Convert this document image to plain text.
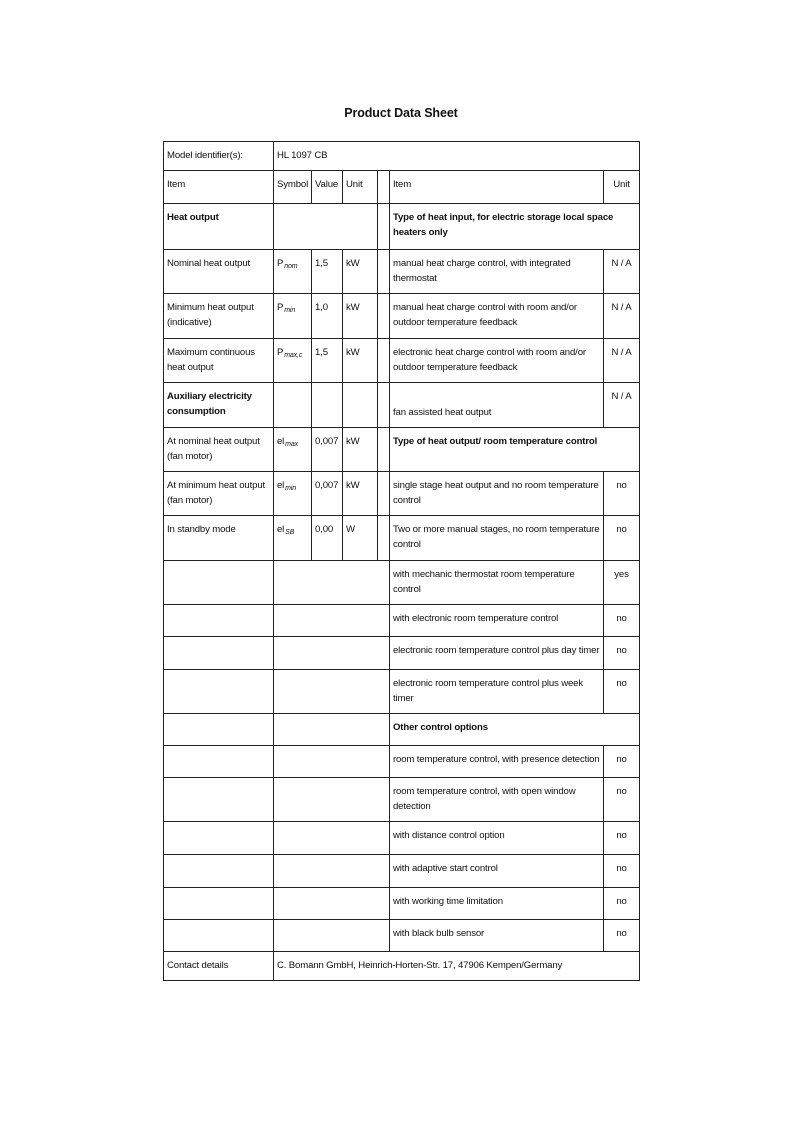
Product Data Sheet
Model identifier(s):	HL 1097 CB					
Item	Symbol	Value	Unit		Item	Unit
Heat output					Type of heat input, for electric storage local space heaters only	
Nominal heat output	$P_{nom}$	1,5	kW		manual heat charge control, with integrated thermostat	N / A
Minimum heat output (indicative)	$P_{min}$	1,0	kW		manual heat charge control with room and/or outdoor temperature feedback	N / A
Maximum continuous heat output	$P_{max,c}$	1,5	kW		electronic heat charge control with room and/or outdoor temperature feedback	N / A
Auxiliary electricity consumption					fan assisted heat output	N / A
At nominal heat output (fan motor)	$el_{max}$	0,007	kW		Type of heat output/ room temperature control	
At minimum heat output (fan motor)	$el_{min}$	0,007	kW		single stage heat output and no room temperature control	no
In standby mode	$el_{SB}$	0,00	W		Two or more manual stages, no room temperature control	no
					with mechanic thermostat room temperature control	yes
					with electronic room temperature control	no
					electronic room temperature control plus day timer	no
					electronic room temperature control plus week timer	no
					Other control options	
					room temperature control, with presence detection	no
					room temperature control, with open window detection	no
					with distance control option	no
					with adaptive start control	no
					with working time limitation	no
					with black bulb sensor	no
Contact details	C. Bomann GmbH, Heinrich-Horten-Str. 17, 47906 Kempen/Germany					
